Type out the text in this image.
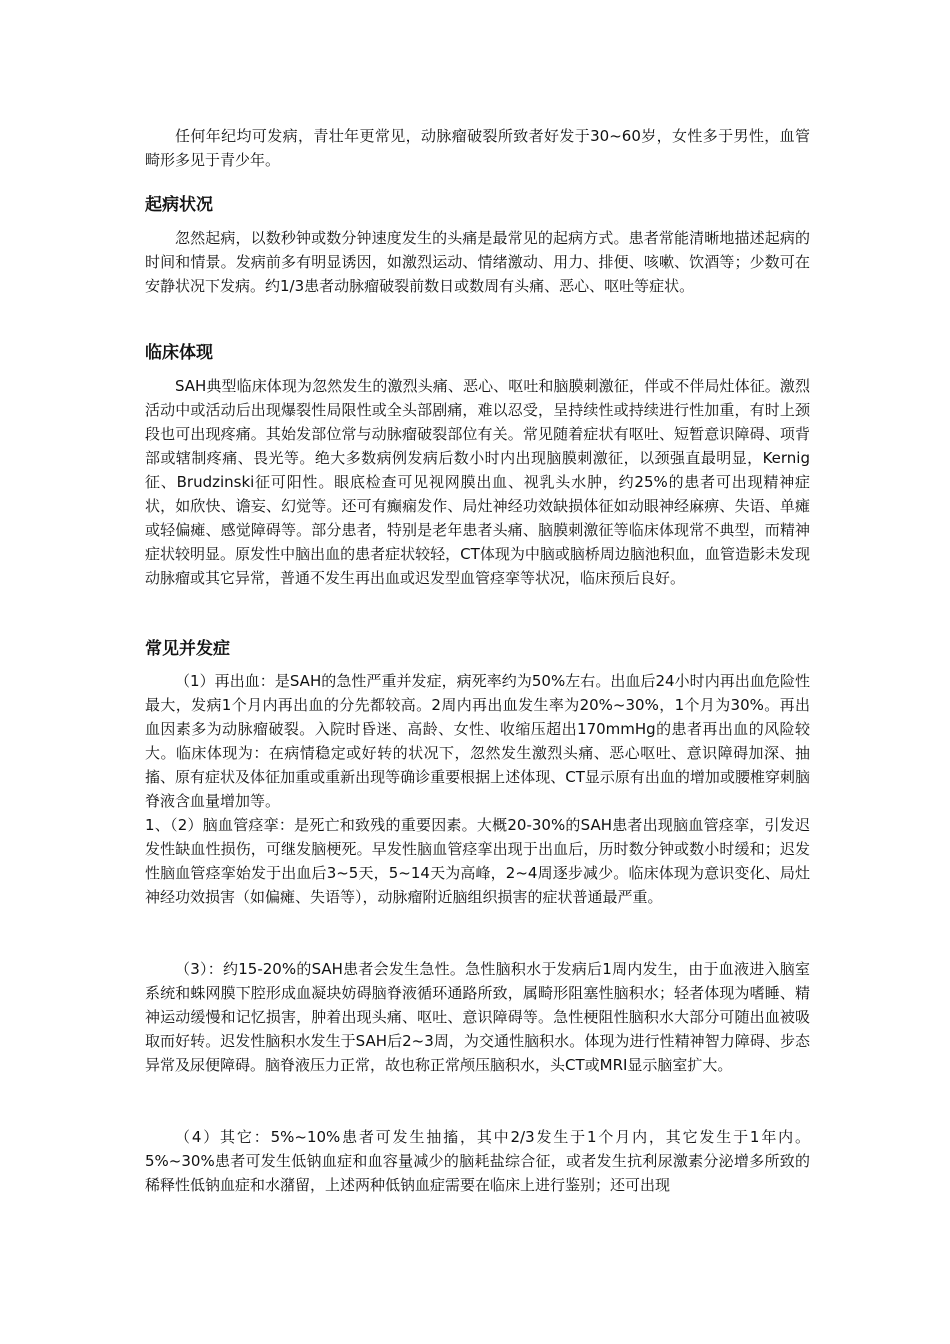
任何年纪均可发病，青壮年更常见，动脉瘤破裂所致者好发于30~60岁，女性多于男性，血管畸形多见于青少年。

起病状况

忽然起病，以数秒钟或数分钟速度发生的头痛是最常见的起病方式。患者常能清晰地描述起病的时间和情景。发病前多有明显诱因，如激烈运动、情绪激动、用力、排便、咳嗽、饮酒等；少数可在安静状况下发病。约1/3患者动脉瘤破裂前数日或数周有头痛、恶心、呕吐等症状。

临床体现

SAH典型临床体现为忽然发生的激烈头痛、恶心、呕吐和脑膜刺激征，伴或不伴局灶体征。激烈活动中或活动后出现爆裂性局限性或全头部剧痛，难以忍受，呈持续性或持续进行性加重，有时上颈段也可出现疼痛。其始发部位常与动脉瘤破裂部位有关。常见随着症状有呕吐、短暂意识障碍、项背部或辖制疼痛、畏光等。绝大多数病例发病后数小时内出现脑膜刺激征，以颈强直最明显，Kernig征、Brudzinski征可阳性。眼底检查可见视网膜出血、视乳头水肿，约25%的患者可出现精神症状，如欣快、谵妄、幻觉等。还可有癫痫发作、局灶神经功效缺损体征如动眼神经麻痹、失语、单瘫或轻偏瘫、感觉障碍等。部分患者，特别是老年患者头痛、脑膜刺激征等临床体现常不典型，而精神症状较明显。原发性中脑出血的患者症状较轻，CT体现为中脑或脑桥周边脑池积血，血管造影未发现动脉瘤或其它异常，普通不发生再出血或迟发型血管痉挛等状况，临床预后良好。

常见并发症

（1）再出血：是SAH的急性严重并发症，病死率约为50%左右。出血后24小时内再出血危险性最大，发病1个月内再出血的分先都较高。2周内再出血发生率为20%~30%，1个月为30%。再出血因素多为动脉瘤破裂。入院时昏迷、高龄、女性、收缩压超出170mmHg的患者再出血的风险较大。临床体现为：在病情稳定或好转的状况下，忽然发生激烈头痛、恶心呕吐、意识障碍加深、抽搐、原有症状及体征加重或重新出现等确诊重要根据上述体现、CT显示原有出血的增加或腰椎穿刺脑脊液含血量增加等。

1、（2）脑血管痉挛：是死亡和致残的重要因素。大概20-30%的SAH患者出现脑血管痉挛，引发迟发性缺血性损伤，可继发脑梗死。早发性脑血管痉挛出现于出血后，历时数分钟或数小时缓和；迟发性脑血管痉挛始发于出血后3~5天，5~14天为高峰，2~4周逐步减少。临床体现为意识变化、局灶神经功效损害（如偏瘫、失语等），动脉瘤附近脑组织损害的症状普通最严重。

（3）：约15-20%的SAH患者会发生急性。急性脑积水于发病后1周内发生，由于血液进入脑室系统和蛛网膜下腔形成血凝块妨碍脑脊液循环通路所致，属畸形阻塞性脑积水；轻者体现为嗜睡、精神运动缓慢和记忆损害，肿着出现头痛、呕吐、意识障碍等。急性梗阻性脑积水大部分可随出血被吸取而好转。迟发性脑积水发生于SAH后2~3周，为交通性脑积水。体现为进行性精神智力障碍、步态异常及尿便障碍。脑脊液压力正常，故也称正常颅压脑积水，头CT或MRI显示脑室扩大。

（4）其它：5%~10%患者可发生抽搐，其中2/3发生于1个月内，其它发生于1年内。5%~30%患者可发生低钠血症和血容量减少的脑耗盐综合征，或者发生抗利尿激素分泌增多所致的稀释性低钠血症和水潴留，上述两种低钠血症需要在临床上进行鉴别；还可出现
